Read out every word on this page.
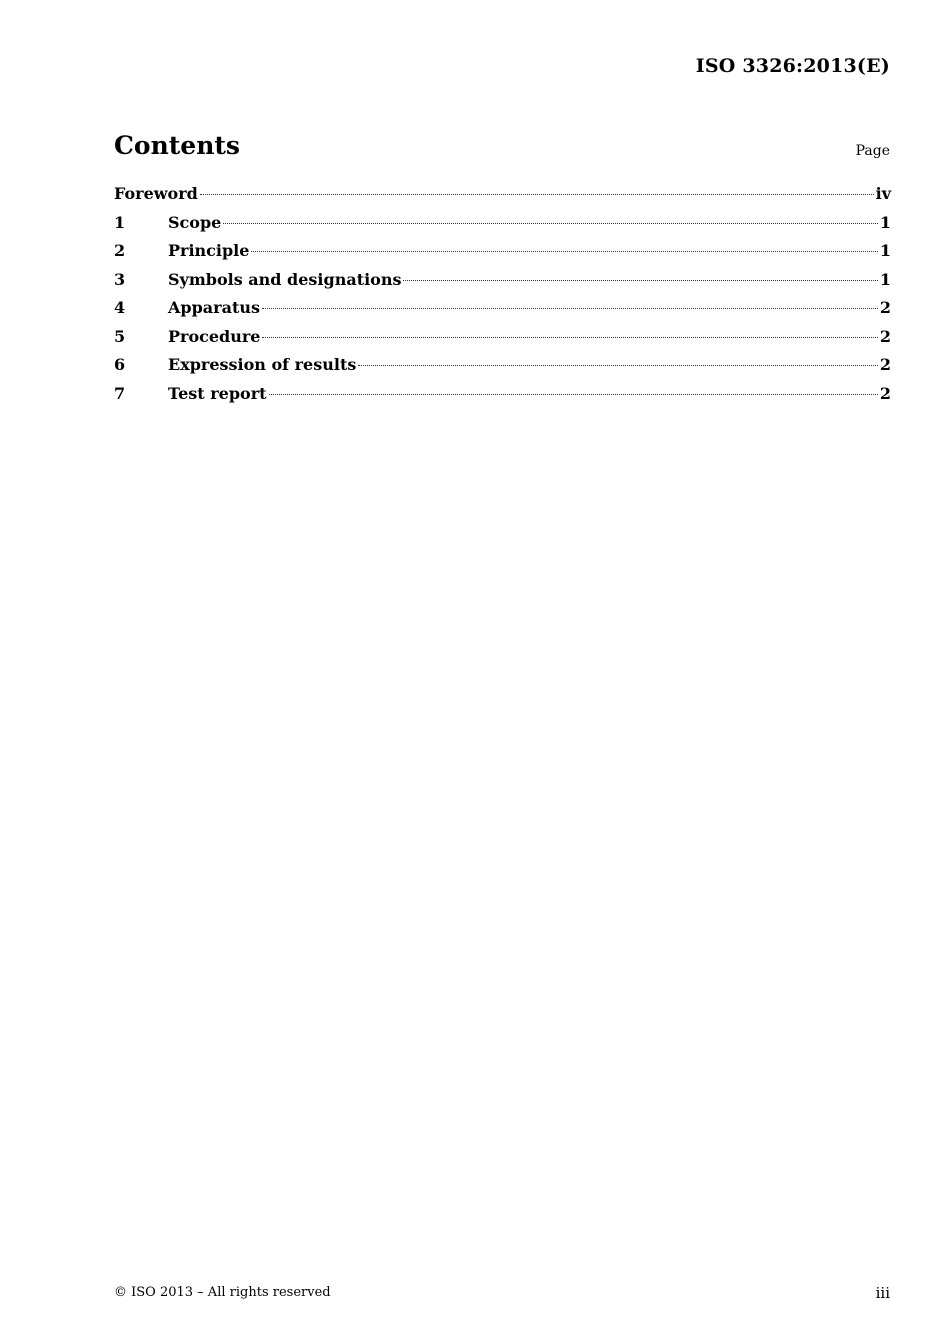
ISO 3326:2013(E)
Contents	Page
Foreword	iv
1	Scope	1
2	Principle	1
3	Symbols and designations	1
4	Apparatus	2
5	Procedure	2
6	Expression of results	2
7	Test report	2
© ISO 2013 – All rights reserved	iii
